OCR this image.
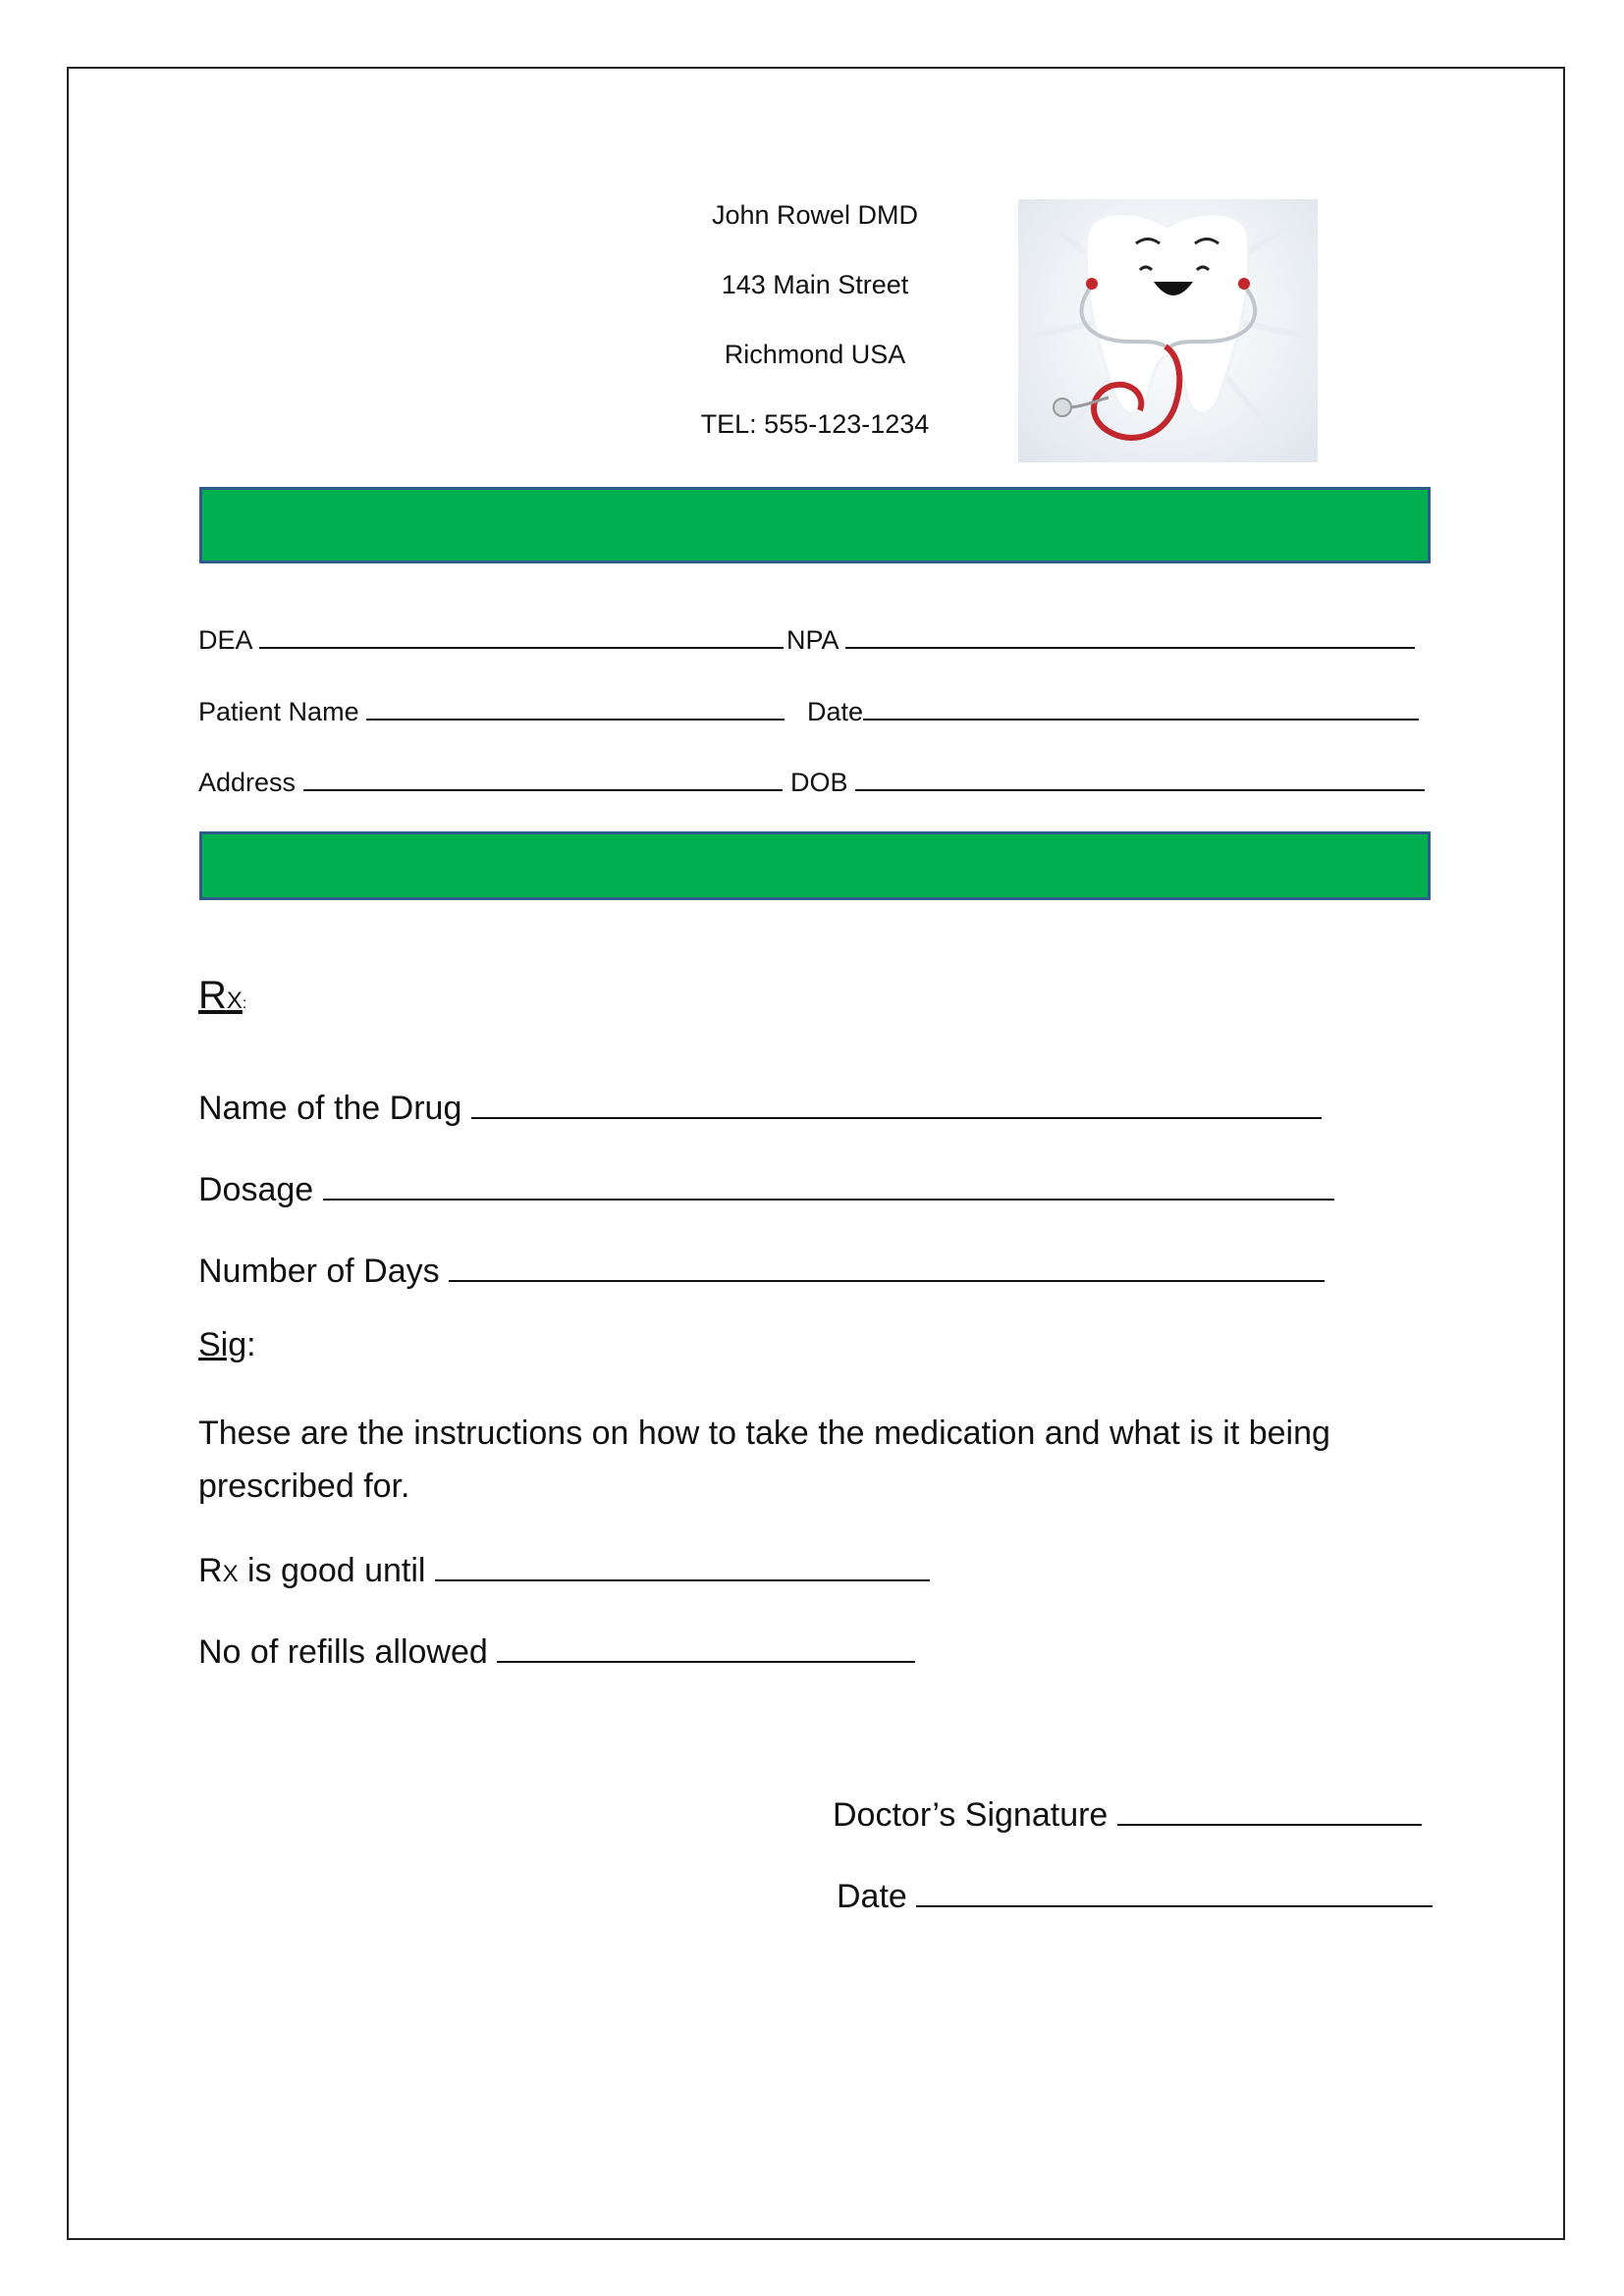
John Rowel DMD
143 Main Street
Richmond USA
TEL: 555-123-1234
DEA	NPA
Patient Name	Date
Address	DOB
RX:
Name of the Drug
Dosage
Number of Days
Sig:
These are the instructions on how to take the medication and what is it being prescribed for.
RX is good until
No of refills allowed
Doctor’s Signature
Date
